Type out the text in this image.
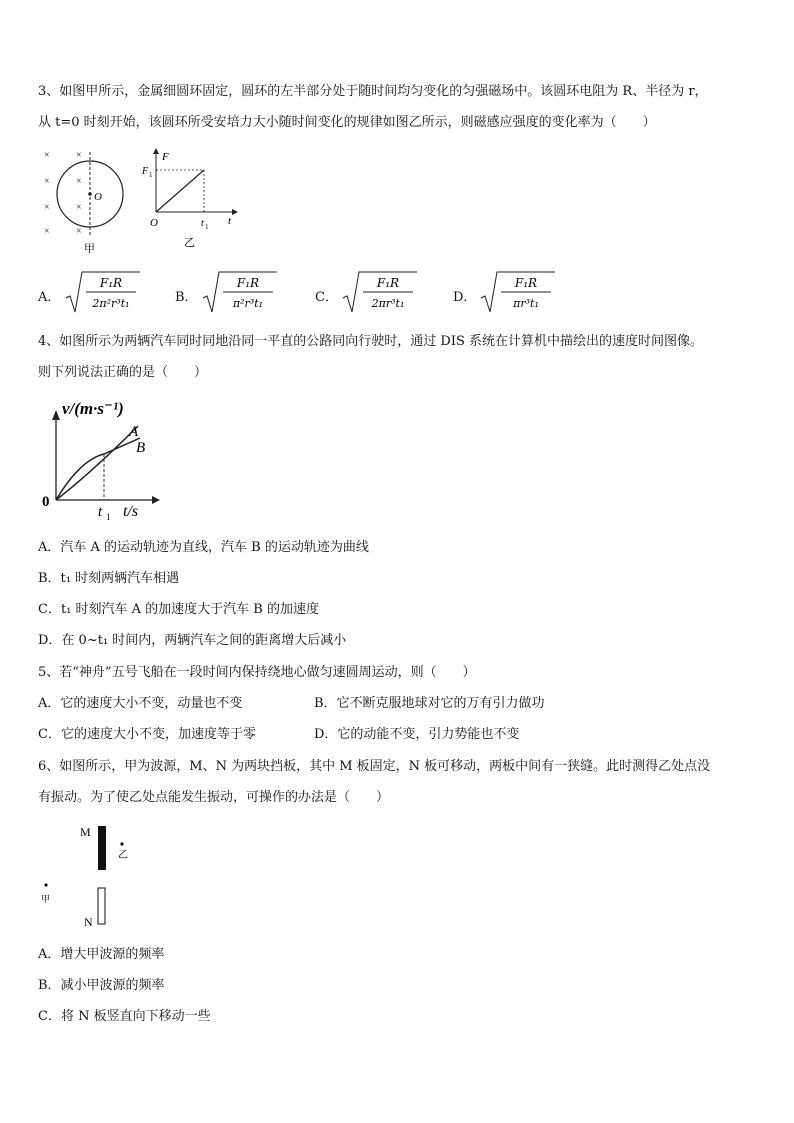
3、如图甲所示，金属细圆环固定，圆环的左半部分处于随时间均匀变化的匀强磁场中。该圆环电阻为 R、半径为 r，
从 t=0 时刻开始，该圆环所受安培力大小随时间变化的规律如图乙所示，则磁感应强度的变化率为（　　）
×
×
×
×
×
×
×
×
O
甲
F
F 1
t
t 1
O
乙
A．
F₁R
2π²r³t₁	B．
F₁R
π²r³t₁	C．
F₁R
2πr³t₁	D．
F₁R
πr³t₁
4、如图所示为两辆汽车同时同地沿同一平直的公路同向行驶时，通过 DIS 系统在计算机中描绘出的速度时间图像。
则下列说法正确的是（　　）
v/(m·s⁻¹)
A
B
0
t 1 t/s
A．汽车 A 的运动轨迹为直线，汽车 B 的运动轨迹为曲线
B．t₁ 时刻两辆汽车相遇
C．t₁ 时刻汽车 A 的加速度大于汽车 B 的加速度
D．在 0~t₁ 时间内，两辆汽车之间的距离增大后减小
5、若“神舟”五号飞船在一段时间内保持绕地心做匀速圆周运动，则（　　）
A．它的速度大小不变，动量也不变	B．它不断克服地球对它的万有引力做功
C．它的速度大小不变，加速度等于零	D．它的动能不变，引力势能也不变
6、如图所示，甲为波源，M、N 为两块挡板，其中 M 板固定，N 板可移动，两板中间有一狭缝。此时测得乙处点没
有振动。为了使乙处点能发生振动，可操作的办法是（　　）
M
乙
甲
N
A．增大甲波源的频率
B．减小甲波源的频率
C．将 N 板竖直向下移动一些
